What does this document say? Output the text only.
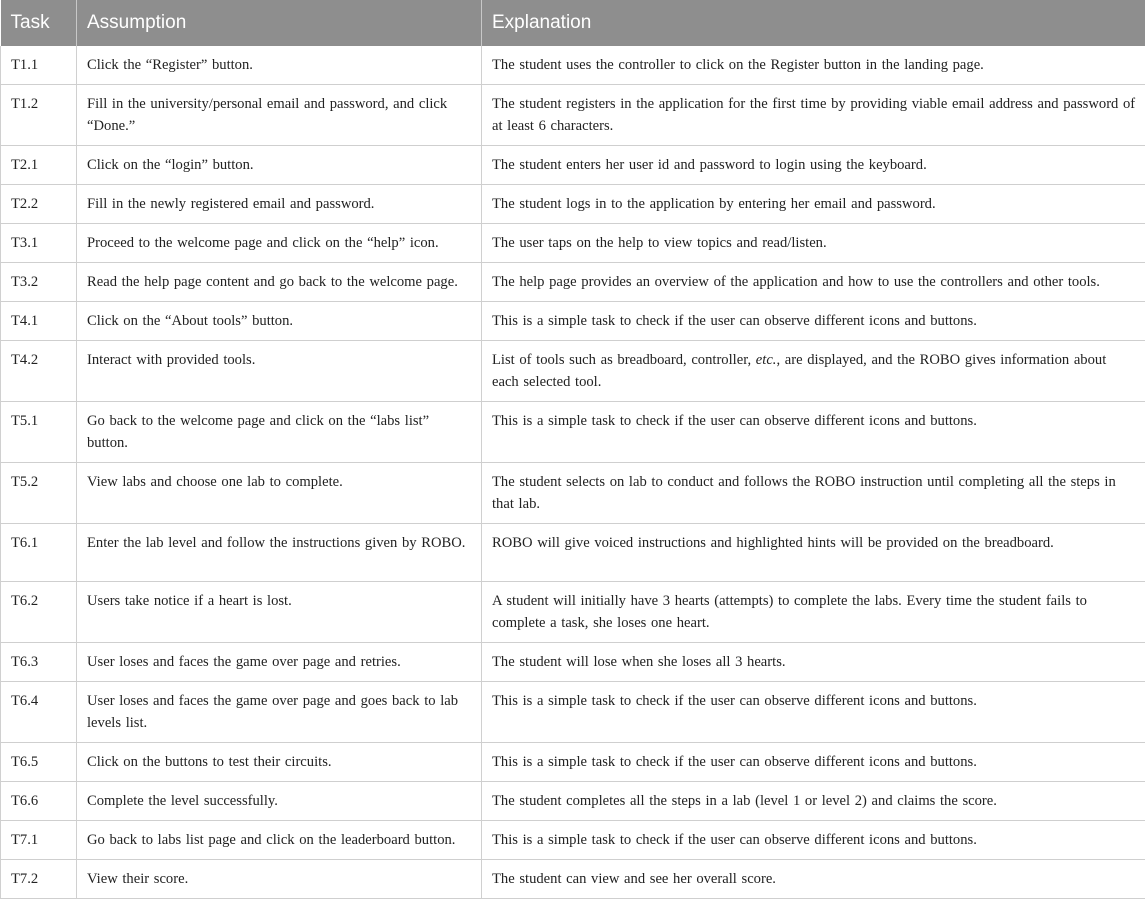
Task	Assumption	Explanation
T1.1	Click the “Register” button.	The student uses the controller to click on the Register button in the landing page.
T1.2	Fill in the university/personal email and password, and click “Done.”	The student registers in the application for the first time by providing viable email address and password of at least 6 characters.
T2.1	Click on the “login” button.	The student enters her user id and password to login using the keyboard.
T2.2	Fill in the newly registered email and password.	The student logs in to the application by entering her email and password.
T3.1	Proceed to the welcome page and click on the “help” icon.	The user taps on the help to view topics and read/listen.
T3.2	Read the help page content and go back to the welcome page.	The help page provides an overview of the application and how to use the controllers and other tools.
T4.1	Click on the “About tools” button.	This is a simple task to check if the user can observe different icons and buttons.
T4.2	Interact with provided tools.	List of tools such as breadboard, controller, etc., are displayed, and the ROBO gives information about each selected tool.
T5.1	Go back to the welcome page and click on the “labs list” button.	This is a simple task to check if the user can observe different icons and buttons.
T5.2	View labs and choose one lab to complete.	The student selects on lab to conduct and follows the ROBO instruction until completing all the steps in that lab.
T6.1	Enter the lab level and follow the instructions given by ROBO.	ROBO will give voiced instructions and highlighted hints will be provided on the breadboard.
T6.2	Users take notice if a heart is lost.	A student will initially have 3 hearts (attempts) to complete the labs. Every time the student fails to complete a task, she loses one heart.
T6.3	User loses and faces the game over page and retries.	The student will lose when she loses all 3 hearts.
T6.4	User loses and faces the game over page and goes back to lab levels list.	This is a simple task to check if the user can observe different icons and buttons.
T6.5	Click on the buttons to test their circuits.	This is a simple task to check if the user can observe different icons and buttons.
T6.6	Complete the level successfully.	The student completes all the steps in a lab (level 1 or level 2) and claims the score.
T7.1	Go back to labs list page and click on the leaderboard button.	This is a simple task to check if the user can observe different icons and buttons.
T7.2	View their score.	The student can view and see her overall score.
